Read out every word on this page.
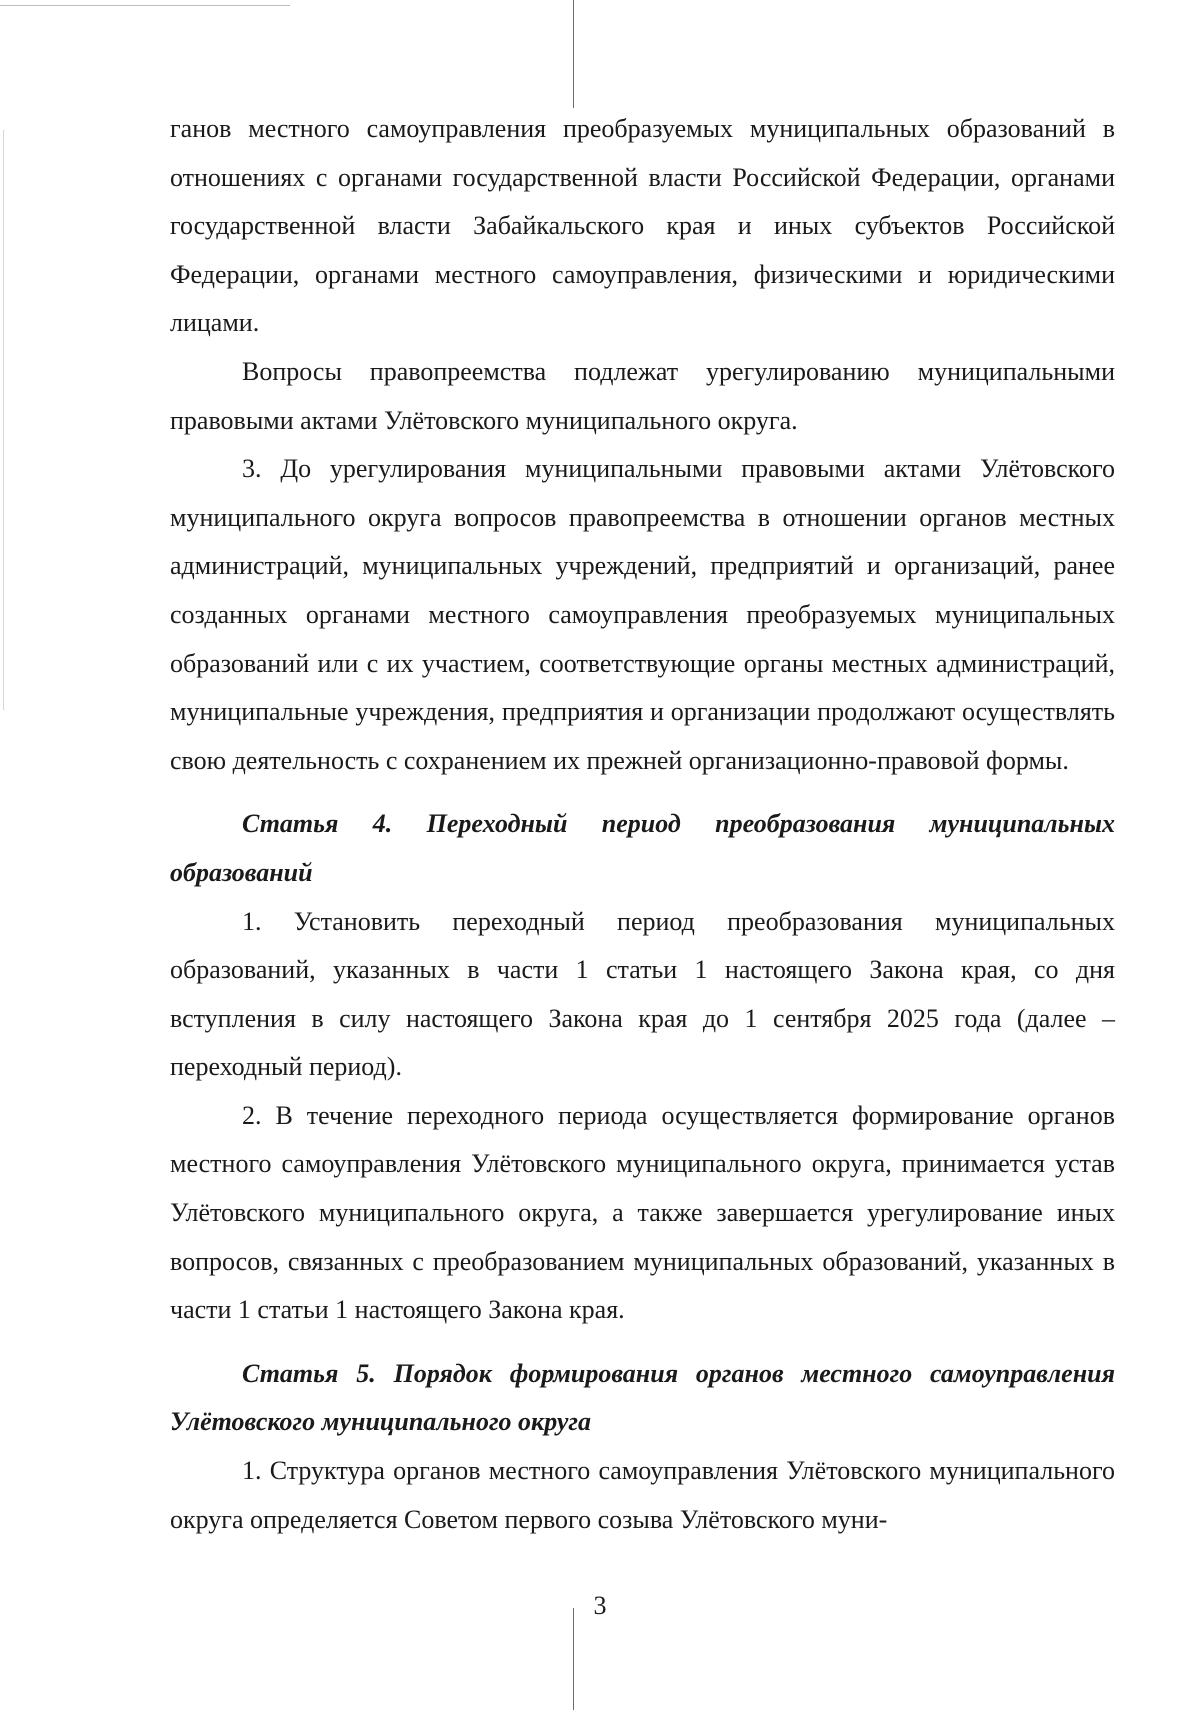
ганов местного самоуправления преобразуемых муниципальных образований в отношениях с органами государственной власти Российской Федерации, органами государственной власти Забайкальского края и иных субъектов Российской Федерации, органами местного самоуправления, физическими и юридическими лицами.

Вопросы правопреемства подлежат урегулированию муниципальными правовыми актами Улётовского муниципального округа.

3. До урегулирования муниципальными правовыми актами Улётовского муниципального округа вопросов правопреемства в отношении органов местных администраций, муниципальных учреждений, предприятий и организаций, ранее созданных органами местного самоуправления преобразуемых муниципальных образований или с их участием, соответствующие органы местных администраций, муниципальные учреждения, предприятия и организации продолжают осуществлять свою деятельность с сохранением их прежней организационно-правовой формы.

Статья 4. Переходный период преобразования муниципальных образований

1. Установить переходный период преобразования муниципальных образований, указанных в части 1 статьи 1 настоящего Закона края, со дня вступления в силу настоящего Закона края до 1 сентября 2025 года (далее – переходный период).

2. В течение переходного периода осуществляется формирование органов местного самоуправления Улётовского муниципального округа, принимается устав Улётовского муниципального округа, а также завершается урегулирование иных вопросов, связанных с преобразованием муниципальных образований, указанных в части 1 статьи 1 настоящего Закона края.

Статья 5. Порядок формирования органов местного самоуправления Улётовского муниципального округа

1. Структура органов местного самоуправления Улётовского муниципального округа определяется Советом первого созыва Улётовского муни-

3
